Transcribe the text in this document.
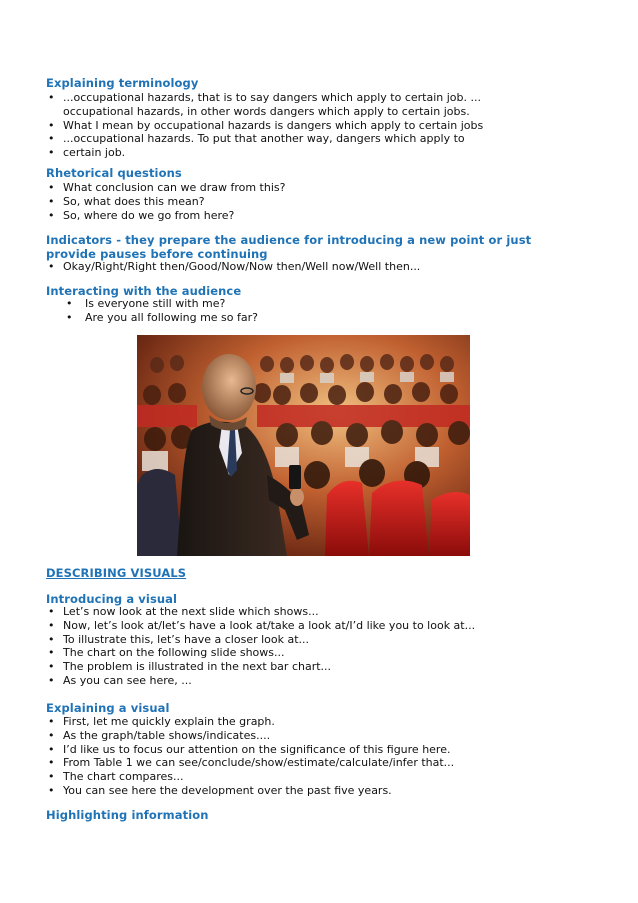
Explaining terminology
• ...occupational hazards, that is to say dangers which apply to certain job. ...
occupational hazards, in other words dangers which apply to certain jobs.
• What I mean by occupational hazards is dangers which apply to certain jobs
• ...occupational hazards. To put that another way, dangers which apply to
• certain job.
Rhetorical questions
• What conclusion can we draw from this?
• So, what does this mean?
• So, where do we go from here?
Indicators - they prepare the audience for introducing a new point or just provide pauses before continuing
• Okay/Right/Right then/Good/Now/Now then/Well now/Well then...
Interacting with the audience
• Is everyone still with me?
• Are you all following me so far?
DESCRIBING VISUALS
Introducing a visual
• Let’s now look at the next slide which shows...
• Now, let’s look at/let’s have a look at/take a look at/I’d like you to look at...
• To illustrate this, let’s have a closer look at...
• The chart on the following slide shows...
• The problem is illustrated in the next bar chart...
• As you can see here, ...
Explaining a visual
• First, let me quickly explain the graph.
• As the graph/table shows/indicates....
• I’d like us to focus our attention on the significance of this figure here.
• From Table 1 we can see/conclude/show/estimate/calculate/infer that...
• The chart compares...
• You can see here the development over the past five years.
Highlighting information
